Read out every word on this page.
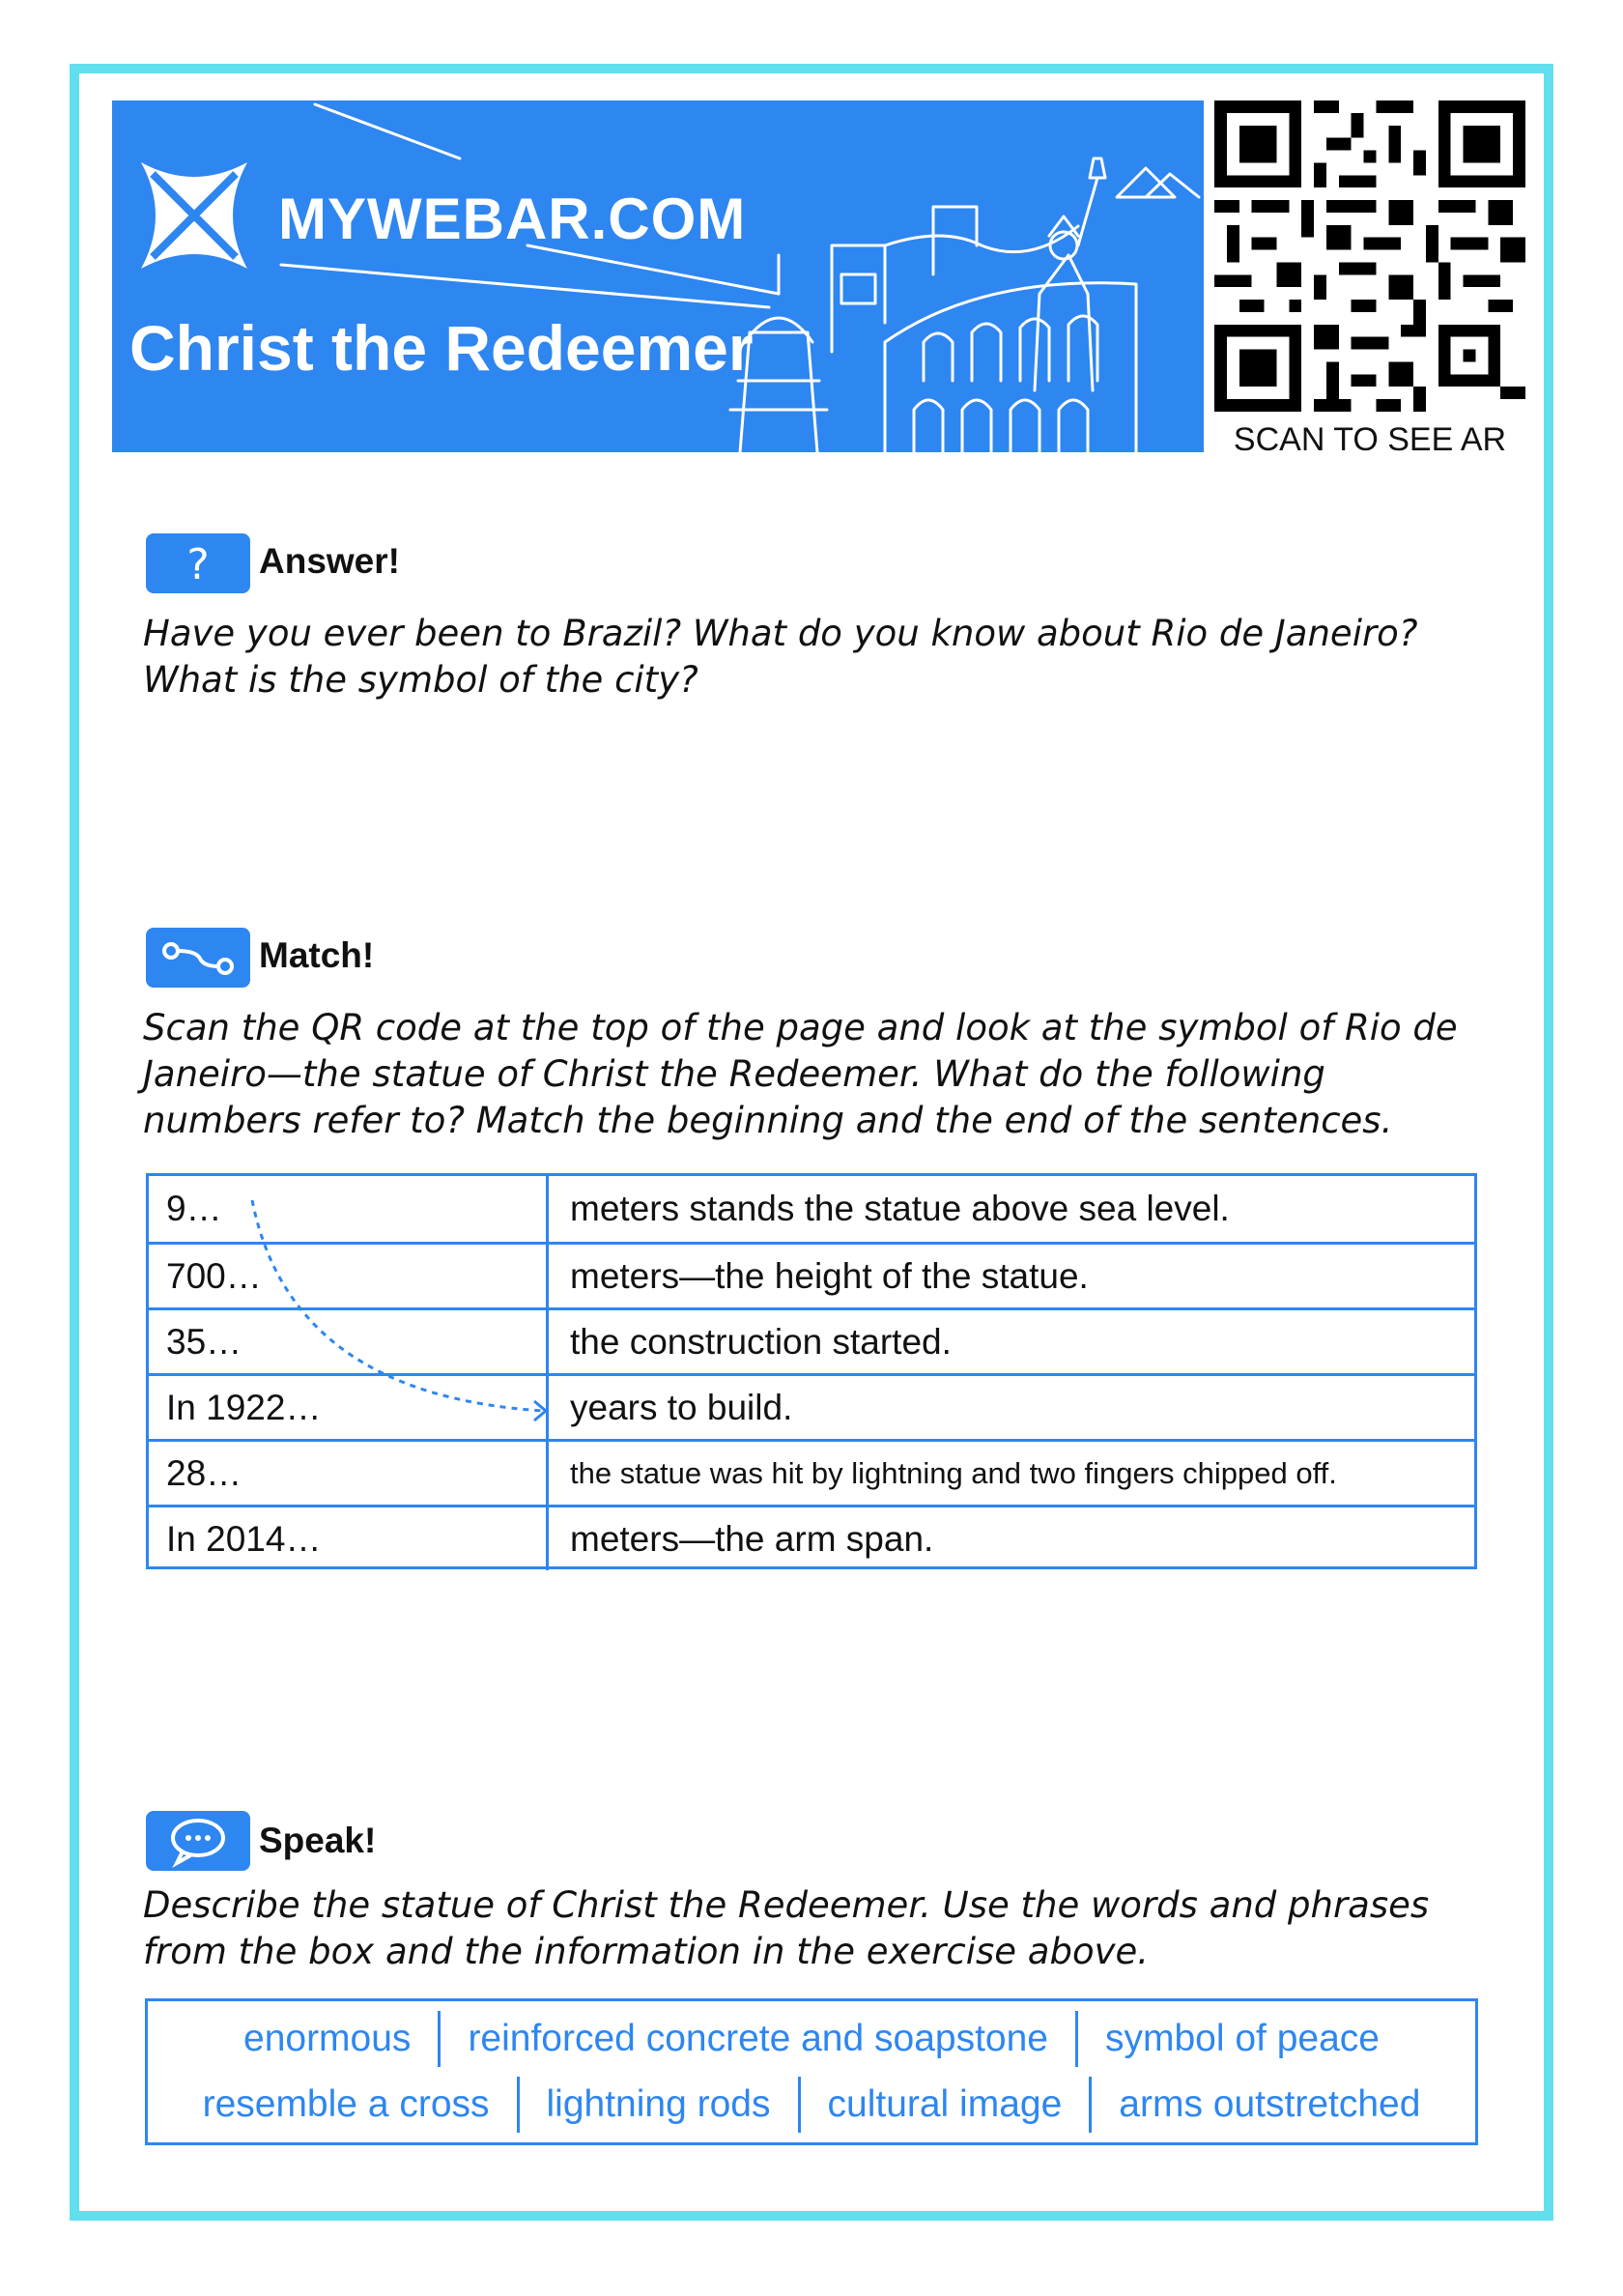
MYWEBAR.COM
Christ the Redeemer
SCAN TO SEE AR
? Answer!
Have you ever been to Brazil? What do you know about Rio de Janeiro? What is the symbol of the city?
Match!
Scan the QR code at the top of the page and look at the symbol of Rio de Janeiro—the statue of Christ the Redeemer. What do the following numbers refer to? Match the beginning and the end of the sentences.
9…	meters stands the statue above sea level.
700…	meters—the height of the statue.
35…	the construction started.
In 1922…	years to build.
28…	the statue was hit by lightning and two fingers chipped off.
In 2014…	meters—the arm span.
Speak!
Describe the statue of Christ the Redeemer. Use the words and phrases from the box and the information in the exercise above.
enormous	reinforced concrete and soapstone	symbol of peace
resemble a cross	lightning rods	cultural image	arms outstretched
